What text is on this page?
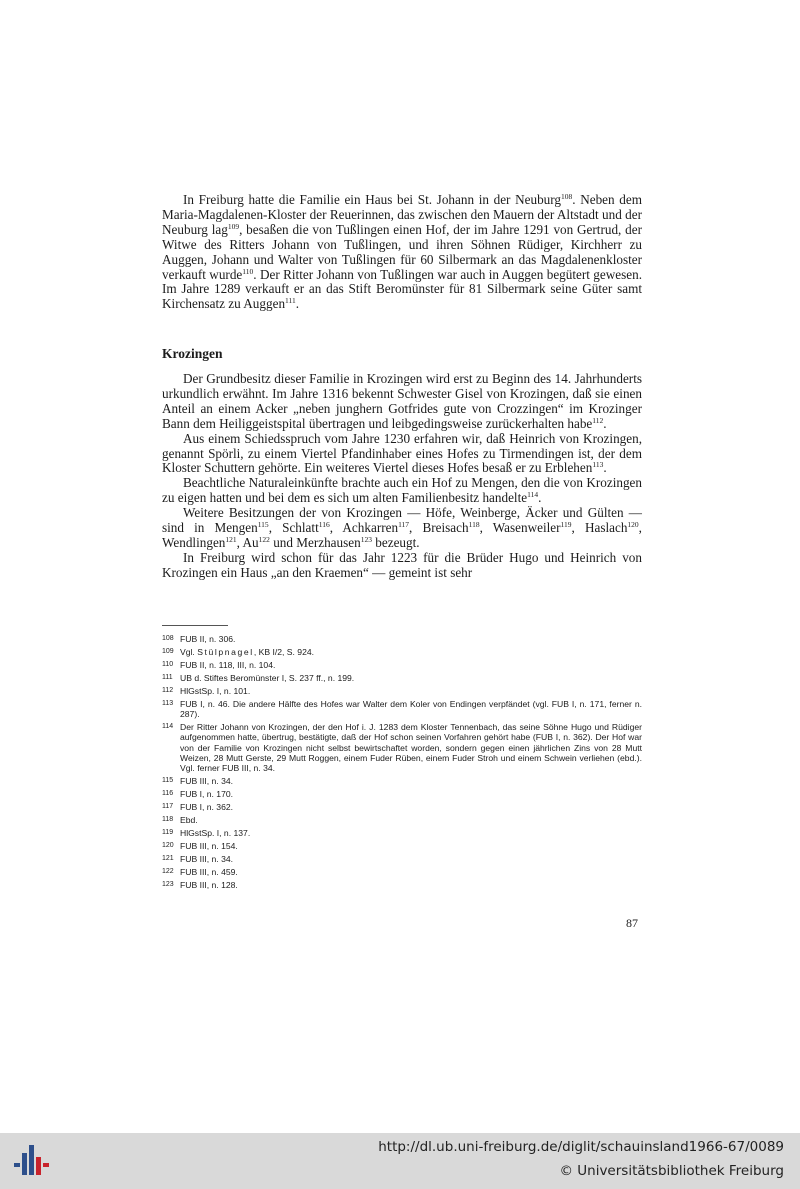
In Freiburg hatte die Familie ein Haus bei St. Johann in der Neuburg$^{108}$. Neben dem Maria-Magdalenen-Kloster der Reuerinnen, das zwischen den Mauern der Altstadt und der Neuburg lag$^{109}$, besaßen die von Tußlingen einen Hof, der im Jahre 1291 von Gertrud, der Witwe des Ritters Johann von Tußlingen, und ihren Söhnen Rüdiger, Kirchherr zu Auggen, Johann und Walter von Tußlingen für 60 Silbermark an das Magdalenenkloster verkauft wurde$^{110}$. Der Ritter Johann von Tußlingen war auch in Auggen begütert gewesen. Im Jahre 1289 verkauft er an das Stift Beromünster für 81 Silbermark seine Güter samt Kirchensatz zu Auggen$^{111}$.

Krozingen

Der Grundbesitz dieser Familie in Krozingen wird erst zu Beginn des 14. Jahrhunderts urkundlich erwähnt. Im Jahre 1316 bekennt Schwester Gisel von Krozingen, daß sie einen Anteil an einem Acker „neben junghern Gotfrides gute von Crozzingen“ im Krozinger Bann dem Heiliggeistspital übertragen und leibgedingsweise zurückerhalten habe$^{112}$.

Aus einem Schiedsspruch vom Jahre 1230 erfahren wir, daß Heinrich von Krozingen, genannt Spörli, zu einem Viertel Pfandinhaber eines Hofes zu Tirmendingen ist, der dem Kloster Schuttern gehörte. Ein weiteres Viertel dieses Hofes besaß er zu Erblehen$^{113}$.

Beachtliche Naturaleinkünfte brachte auch ein Hof zu Mengen, den die von Krozingen zu eigen hatten und bei dem es sich um alten Familienbesitz handelte$^{114}$.

Weitere Besitzungen der von Krozingen — Höfe, Weinberge, Äcker und Gülten — sind in Mengen$^{115}$, Schlatt$^{116}$, Achkarren$^{117}$, Breisach$^{118}$, Wasenweiler$^{119}$, Haslach$^{120}$, Wendlingen$^{121}$, Au$^{122}$ und Merzhausen$^{123}$ bezeugt.

In Freiburg wird schon für das Jahr 1223 für die Brüder Hugo und Heinrich von Krozingen ein Haus „an den Kraemen“ — gemeint ist sehr

108 FUB II, n. 306.
109 Vgl. Stülpnagel, KB I/2, S. 924.
110 FUB II, n. 118, III, n. 104.
111 UB d. Stiftes Beromünster I, S. 237 ff., n. 199.
112 HlGstSp. I, n. 101.
113 FUB I, n. 46. Die andere Hälfte des Hofes war Walter dem Koler von Endingen verpfändet (vgl. FUB I, n. 171, ferner n. 287).
114 Der Ritter Johann von Krozingen, der den Hof i. J. 1283 dem Kloster Tennenbach, das seine Söhne Hugo und Rüdiger aufgenommen hatte, übertrug, bestätigte, daß der Hof schon seinen Vorfahren gehört habe (FUB I, n. 362). Der Hof war von der Familie von Krozingen nicht selbst bewirtschaftet worden, sondern gegen einen jährlichen Zins von 28 Mutt Weizen, 28 Mutt Gerste, 29 Mutt Roggen, einem Fuder Rüben, einem Fuder Stroh und einem Schwein verliehen (ebd.). Vgl. ferner FUB III, n. 34.
115 FUB III, n. 34.
116 FUB I, n. 170.
117 FUB I, n. 362.
118 Ebd.
119 HlGstSp. I, n. 137.
120 FUB III, n. 154.
121 FUB III, n. 34.
122 FUB III, n. 459.
123 FUB III, n. 128.
87
http://dl.ub.uni-freiburg.de/diglit/schauinsland1966-67/0089
© Universitätsbibliothek Freiburg
